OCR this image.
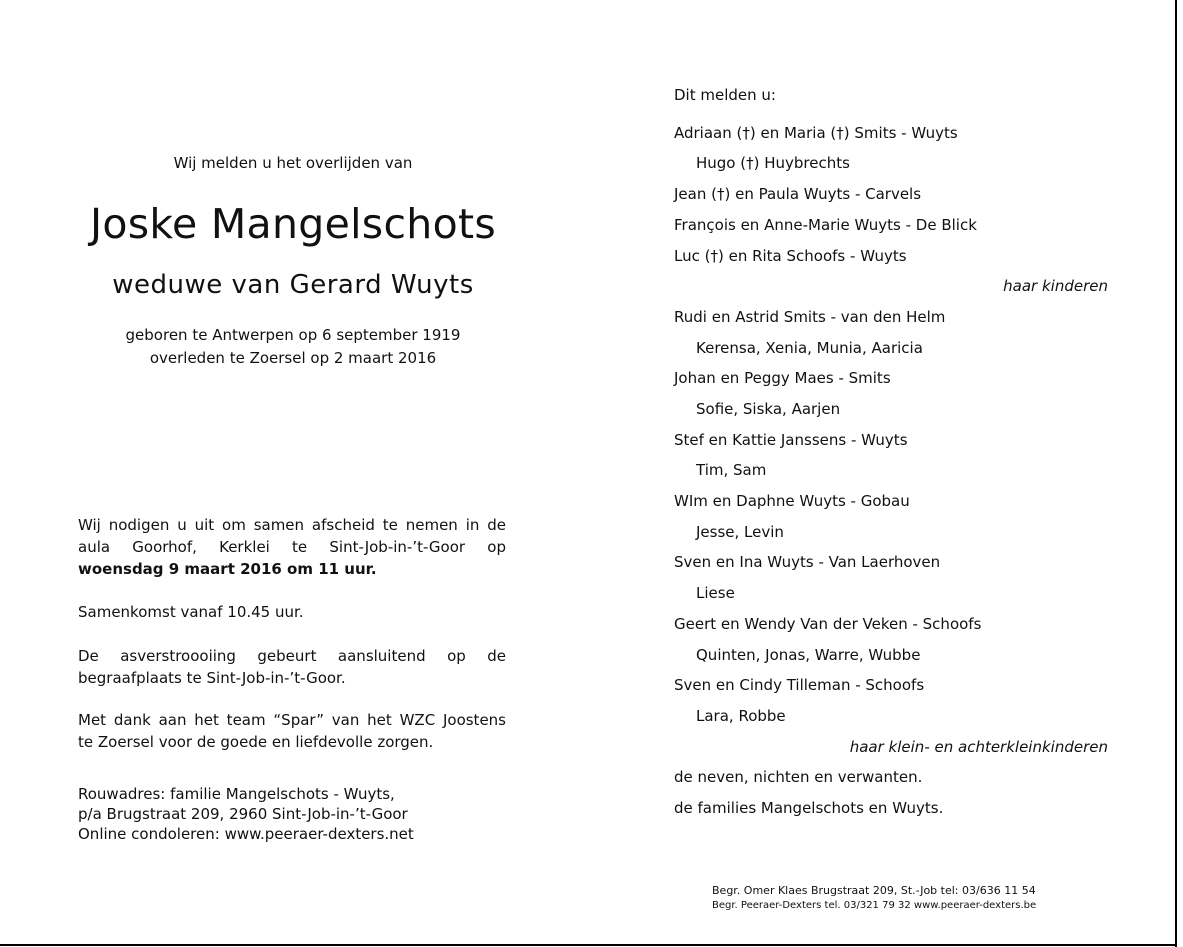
Wij melden u het overlijden van
Joske Mangelschots
weduwe van Gerard Wuyts
geboren te Antwerpen op 6 september 1919
overleden te Zoersel op 2 maart 2016
Wij nodigen u uit om samen afscheid te nemen in de
aula Goorhof, Kerklei te Sint-Job-in-’t-Goor op
woensdag 9 maart 2016 om 11 uur.
Samenkomst vanaf 10.45 uur.
De asverstroooiing gebeurt aansluitend op de
begraafplaats te Sint-Job-in-’t-Goor.
Met dank aan het team “Spar” van het WZC Joostens
te Zoersel voor de goede en liefdevolle zorgen.
Rouwadres: familie Mangelschots - Wuyts,
p/a Brugstraat 209, 2960 Sint-Job-in-’t-Goor
Online condoleren: www.peeraer-dexters.net
Dit melden u:
Adriaan (†) en Maria (†) Smits - Wuyts
Hugo (†) Huybrechts
Jean (†) en Paula Wuyts - Carvels
François en Anne-Marie Wuyts - De Blick
Luc (†) en Rita Schoofs - Wuyts
haar kinderen
Rudi en Astrid Smits - van den Helm
Kerensa, Xenia, Munia, Aaricia
Johan en Peggy Maes - Smits
Sofie, Siska, Aarjen
Stef en Kattie Janssens - Wuyts
Tim, Sam
WIm en Daphne Wuyts - Gobau
Jesse, Levin
Sven en Ina Wuyts - Van Laerhoven
Liese
Geert en Wendy Van der Veken - Schoofs
Quinten, Jonas, Warre, Wubbe
Sven en Cindy Tilleman - Schoofs
Lara, Robbe
haar klein- en achterkleinkinderen
de neven, nichten en verwanten.
de families Mangelschots en Wuyts.
Begr. Omer Klaes Brugstraat 209, St.-Job tel: 03/636 11 54
Begr. Peeraer-Dexters tel. 03/321 79 32 www.peeraer-dexters.be
